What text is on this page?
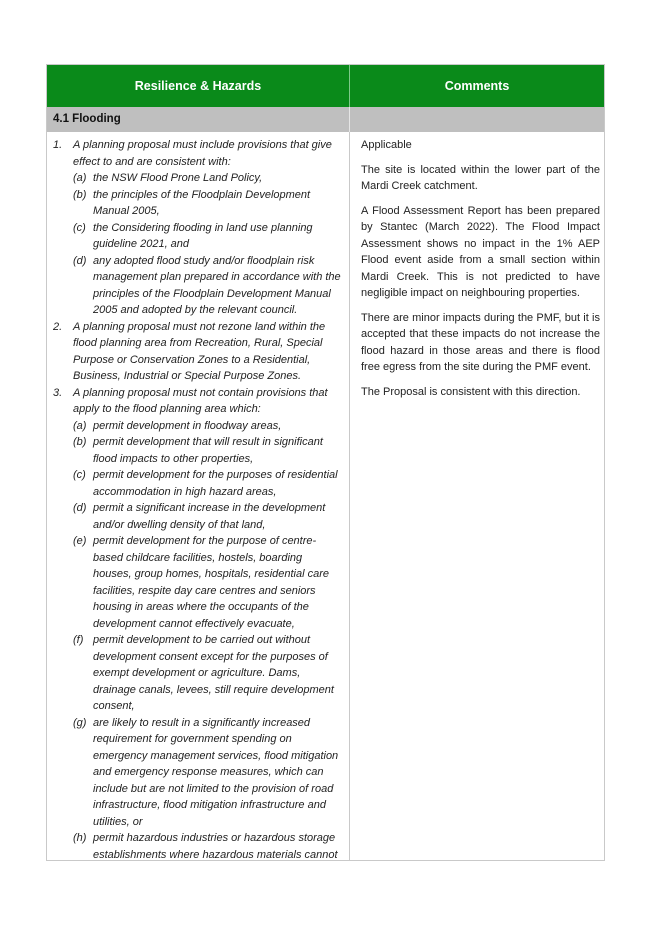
Resilience & Hazards	Comments
4.1 Flooding
1. A planning proposal must include provisions that give effect to and are consistent with:
(a) the NSW Flood Prone Land Policy,
(b) the principles of the Floodplain Development Manual 2005,
(c) the Considering flooding in land use planning guideline 2021, and
(d) any adopted flood study and/or floodplain risk management plan prepared in accordance with the principles of the Floodplain Development Manual 2005 and adopted by the relevant council.
2. A planning proposal must not rezone land within the flood planning area from Recreation, Rural, Special Purpose or Conservation Zones to a Residential, Business, Industrial or Special Purpose Zones.
3. A planning proposal must not contain provisions that apply to the flood planning area which:
(a) permit development in floodway areas,
(b) permit development that will result in significant flood impacts to other properties,
(c) permit development for the purposes of residential accommodation in high hazard areas,
(d) permit a significant increase in the development and/or dwelling density of that land,
(e) permit development for the purpose of centre-based childcare facilities, hostels, boarding houses, group homes, hospitals, residential care facilities, respite day care centres and seniors housing in areas where the occupants of the development cannot effectively evacuate,
(f) permit development to be carried out without development consent except for the purposes of exempt development or agriculture. Dams, drainage canals, levees, still require development consent,
(g) are likely to result in a significantly increased requirement for government spending on emergency management services, flood mitigation and emergency response measures, which can include but are not limited to the provision of road infrastructure, flood mitigation infrastructure and utilities, or
(h) permit hazardous industries or hazardous storage establishments where hazardous materials cannot

Applicable

The site is located within the lower part of the Mardi Creek catchment.

A Flood Assessment Report has been prepared by Stantec (March 2022). The Flood Impact Assessment shows no impact in the 1% AEP Flood event aside from a small section within Mardi Creek. This is not predicted to have negligible impact on neighbouring properties.

There are minor impacts during the PMF, but it is accepted that these impacts do not increase the flood hazard in those areas and there is flood free egress from the site during the PMF event.

The Proposal is consistent with this direction.
